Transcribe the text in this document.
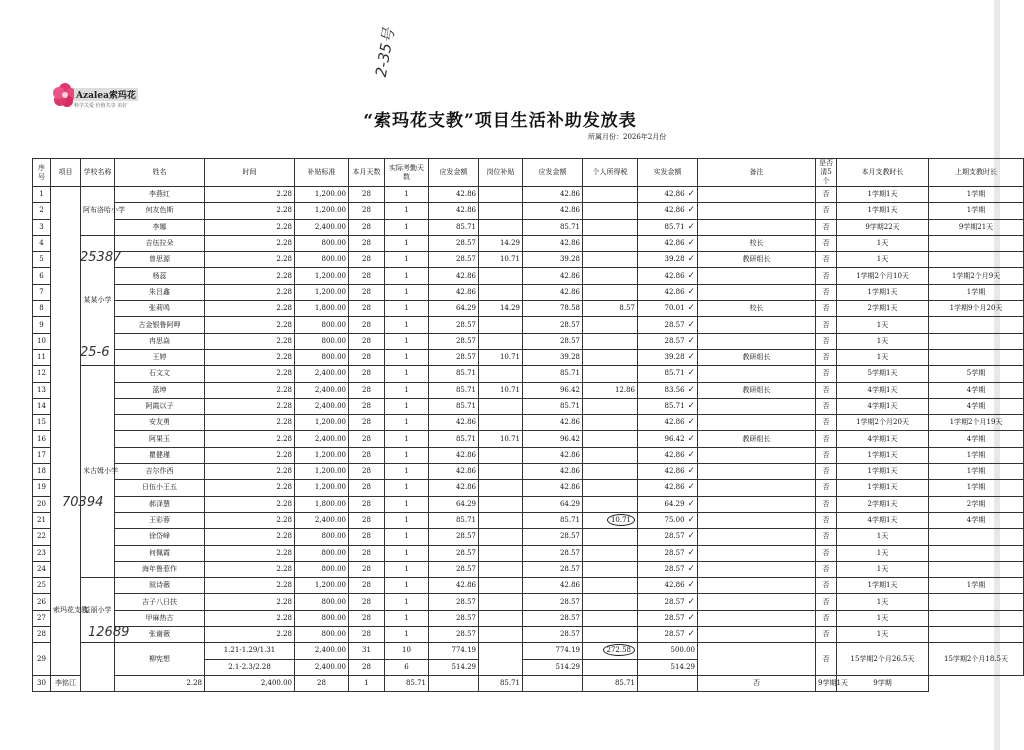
Azalea索玛花
科学关爱 价值共享 美好
2-35号
“索玛花支教”项目生活补助发放表
所属月份：2026年2月份
序号	项目	学校名称	姓名	时间	补贴标准	本月天数	实际考勤天数	应发金额	岗位补贴	应发金额	个人所得税	实发金额	备注	是否清5个	本月支教时长	上期支教时长
1	索玛花支教	阿布洛哈小学	李燕红	2.28	1,200.00	28	1	42.86		42.86		42.86 ✓		否	1学期1天	1学期
2			何友色斯	2.28	1,200.00	28	1	42.86		42.86		42.86 ✓		否	1学期1天	1学期
3			李娜	2.28	2,400.00	28	1	85.71		85.71		85.71 ✓		否	9学期22天	9学期21天
4		某某小学	吉伍拉朵	2.28	800.00	28	1	28.57	14.29	42.86		42.86 ✓	校长	否	1天	
5			曾思源	2.28	800.00	28	1	28.57	10.71	39.28		39.28 ✓	教研组长	否	1天	
6			杨蕊	2.28	1,200.00	28	1	42.86		42.86		42.86 ✓		否	1学期2个月10天	1学期2个月9天
7			朱吕鑫	2.28	1,200.00	28	1	42.86		42.86		42.86 ✓		否	1学期1天	1学期
8			张莉鸣	2.28	1,800.00	28	1	64.29	14.29	78.58	8.57	70.01 ✓	校长	否	2学期1天	1学期9个月20天
9			古金银鲁阿呷	2.28	800.00	28	1	28.57		28.57		28.57 ✓		否	1天	
10			冉思焱	2.28	800.00	28	1	28.57		28.57		28.57 ✓		否	1天	
11			王婷	2.28	800.00	28	1	28.57	10.71	39.28		39.28 ✓	教研组长	否	1天	
12		米古姆小学	石文文	2.28	2,400.00	28	1	85.71		85.71		85.71 ✓		否	5学期1天	5学期
13			蓝坤	2.28	2,400.00	28	1	85.71	10.71	96.42	12.86	83.56 ✓	教研组长	否	4学期1天	4学期
14			阿霞以子	2.28	2,400.00	28	1	85.71		85.71		85.71 ✓		否	4学期1天	4学期
15			安友勇	2.28	1,200.00	28	1	42.86		42.86		42.86 ✓		否	1学期2个月20天	1学期2个月19天
16			阿果玉	2.28	2,400.00	28	1	85.71	10.71	96.42		96.42 ✓	教研组长	否	4学期1天	4学期
17			瞿健瑾	2.28	1,200.00	28	1	42.86		42.86		42.86 ✓		否	1学期1天	1学期
18			吉尔作西	2.28	1,200.00	28	1	42.86		42.86		42.86 ✓		否	1学期1天	1学期
19			日伍小王五	2.28	1,200.00	28	1	42.86		42.86		42.86 ✓		否	1学期1天	1学期
20			郝泽慧	2.28	1,800.00	28	1	64.29		64.29		64.29 ✓		否	2学期1天	2学期
21			王彩蓉	2.28	2,400.00	28	1	85.71		85.71	10.71	75.00 ✓		否	4学期1天	4学期
22			徐岱峰	2.28	800.00	28	1	28.57		28.57		28.57 ✓		否	1天	
23			何佩霞	2.28	800.00	28	1	28.57		28.57		28.57 ✓		否	1天	
24			海年鲁惹作	2.28	800.00	28	1	28.57		28.57		28.57 ✓		否	1天	
25		益丽小学	叙诗薇	2.28	1,200.00	28	1	42.86		42.86		42.86 ✓		否	1学期1天	1学期
26			吉子八日扶	2.28	800.00	28	1	28.57		28.57		28.57 ✓		否	1天	
27			甲麻热古	2.28	800.00	28	1	28.57		28.57		28.57 ✓		否	1天	
28			张谢薇	2.28	800.00	28	1	28.57		28.57		28.57 ✓		否	1天	
29			柳宪想	1.21-1.29/1.31	2,400.00	31	10	774.19		774.19	272.58	500.00		否	15学期2个月26.5天	15学期2个月18.5天
				2.1-2.3/2.28	2,400.00	28	6	514.29		514.29		514.29				
30	李铭江		2.28	2,400.00	28	1	85.71		85.71		85.71		否	9学期1天	9学期	
25387
25-6
70394
12689
